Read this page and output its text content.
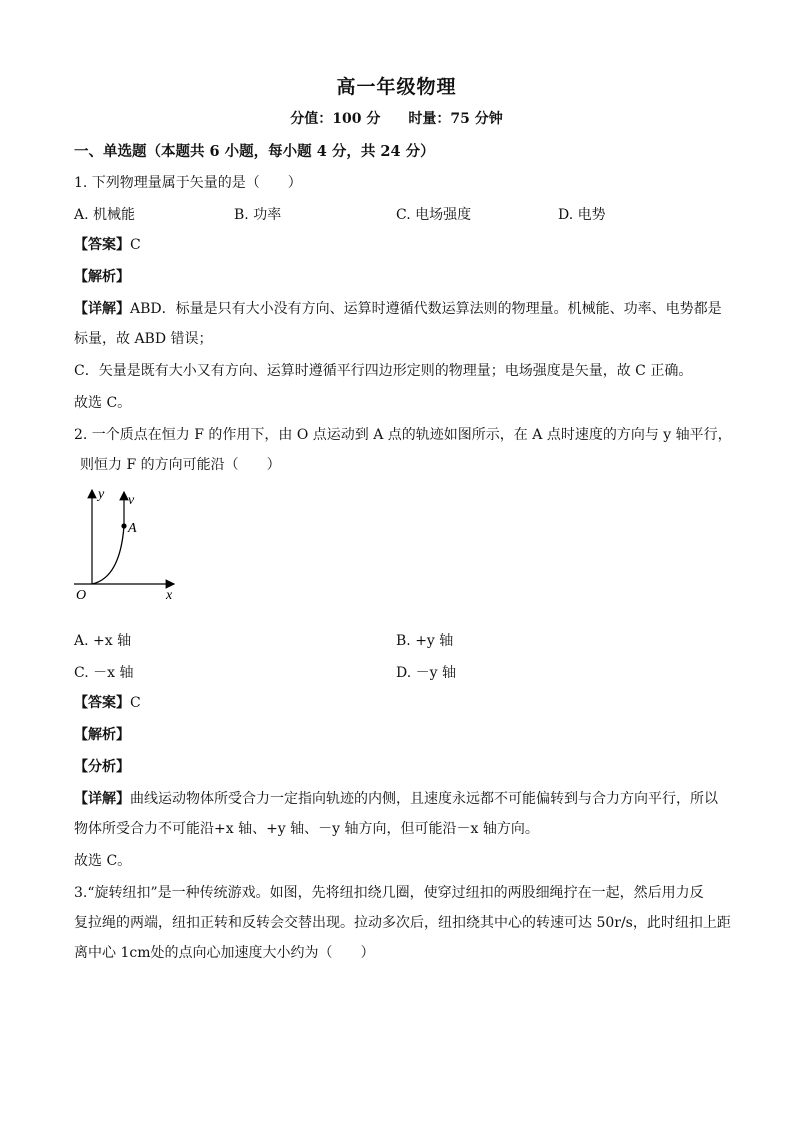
高一年级物理
分值：100 分 时量：75 分钟
一、单选题（本题共 6 小题，每小题 4 分，共 24 分）
1. 下列物理量属于矢量的是（　　）
A. 机械能	B. 功率	C. 电场强度	D. 电势
【答案】C
【解析】
【详解】ABD．标量是只有大小没有方向、运算时遵循代数运算法则的物理量。机械能、功率、电势都是
标量，故 ABD 错误；
C．矢量是既有大小又有方向、运算时遵循平行四边形定则的物理量；电场强度是矢量，故 C 正确。
故选 C。
2. 一个质点在恒力 F 的作用下，由 O 点运动到 A 点的轨迹如图所示，在 A 点时速度的方向与 y 轴平行，
则恒力 F 的方向可能沿（　　）
y v
A
O	x
A. +x 轴	B. +y 轴
C. －x 轴	D. －y 轴
【答案】C
【解析】
【分析】
【详解】曲线运动物体所受合力一定指向轨迹的内侧，且速度永远都不可能偏转到与合力方向平行，所以
物体所受合力不可能沿+x 轴、+y 轴、－y 轴方向，但可能沿－x 轴方向。
故选 C。
3.“旋转纽扣”是一种传统游戏。如图，先将纽扣绕几圈，使穿过纽扣的两股细绳拧在一起，然后用力反
复拉绳的两端，纽扣正转和反转会交替出现。拉动多次后，纽扣绕其中心的转速可达 50r/s，此时纽扣上距
离中心 1cm处的点向心加速度大小约为（　　）
